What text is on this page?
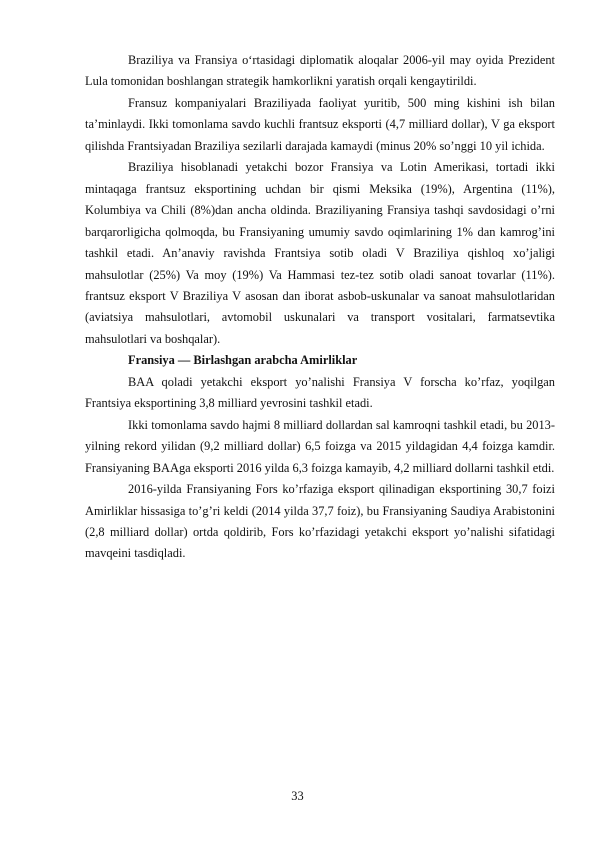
Braziliya va Fransiya o‘rtasidagi diplomatik aloqalar 2006-yil may oyida Prezident Lula tomonidan boshlangan strategik hamkorlikni yaratish orqali kengaytirildi.

Fransuz kompaniyalari Braziliyada faoliyat yuritib, 500 ming kishini ish bilan ta’minlaydi. Ikki tomonlama savdo kuchli frantsuz eksporti (4,7 milliard dollar), V ga eksport qilishda Frantsiyadan Braziliya sezilarli darajada kamaydi (minus 20% so’nggi 10 yil ichida.

Braziliya hisoblanadi yetakchi bozor Fransiya va Lotin Amerikasi, tortadi ikki mintaqaga frantsuz eksportining uchdan bir qismi Meksika (19%), Argentina (11%), Kolumbiya va Chili (8%)dan ancha oldinda. Braziliyaning Fransiya tashqi savdosidagi o’rni barqarorligicha qolmoqda, bu Fransiyaning umumiy savdo oqimlarining 1% dan kamrog’ini tashkil etadi. An’anaviy ravishda Frantsiya sotib oladi V Braziliya qishloq xo’jaligi mahsulotlar (25%) Va moy (19%) Va Hammasi tez-tez sotib oladi sanoat tovarlar (11%). frantsuz eksport V Braziliya V asosan dan iborat asbob-uskunalar va sanoat mahsulotlaridan (aviatsiya mahsulotlari, avtomobil uskunalari va transport vositalari, farmatsevtika mahsulotlari va boshqalar).

Fransiya — Birlashgan arabcha Amirliklar

BAA qoladi yetakchi eksport yo’nalishi Fransiya V forscha ko’rfaz, yoqilgan Frantsiya eksportining 3,8 milliard yevrosini tashkil etadi.

Ikki tomonlama savdo hajmi 8 milliard dollardan sal kamroqni tashkil etadi, bu 2013-yilning rekord yilidan (9,2 milliard dollar) 6,5 foizga va 2015 yildagidan 4,4 foizga kamdir. Fransiyaning BAAga eksporti 2016 yilda 6,3 foizga kamayib, 4,2 milliard dollarni tashkil etdi.

2016-yilda Fransiyaning Fors ko’rfaziga eksport qilinadigan eksportining 30,7 foizi Amirliklar hissasiga to’g’ri keldi (2014 yilda 37,7 foiz), bu Fransiyaning Saudiya Arabistonini (2,8 milliard dollar) ortda qoldirib, Fors ko’rfazidagi yetakchi eksport yo’nalishi sifatidagi mavqeini tasdiqladi.

33
